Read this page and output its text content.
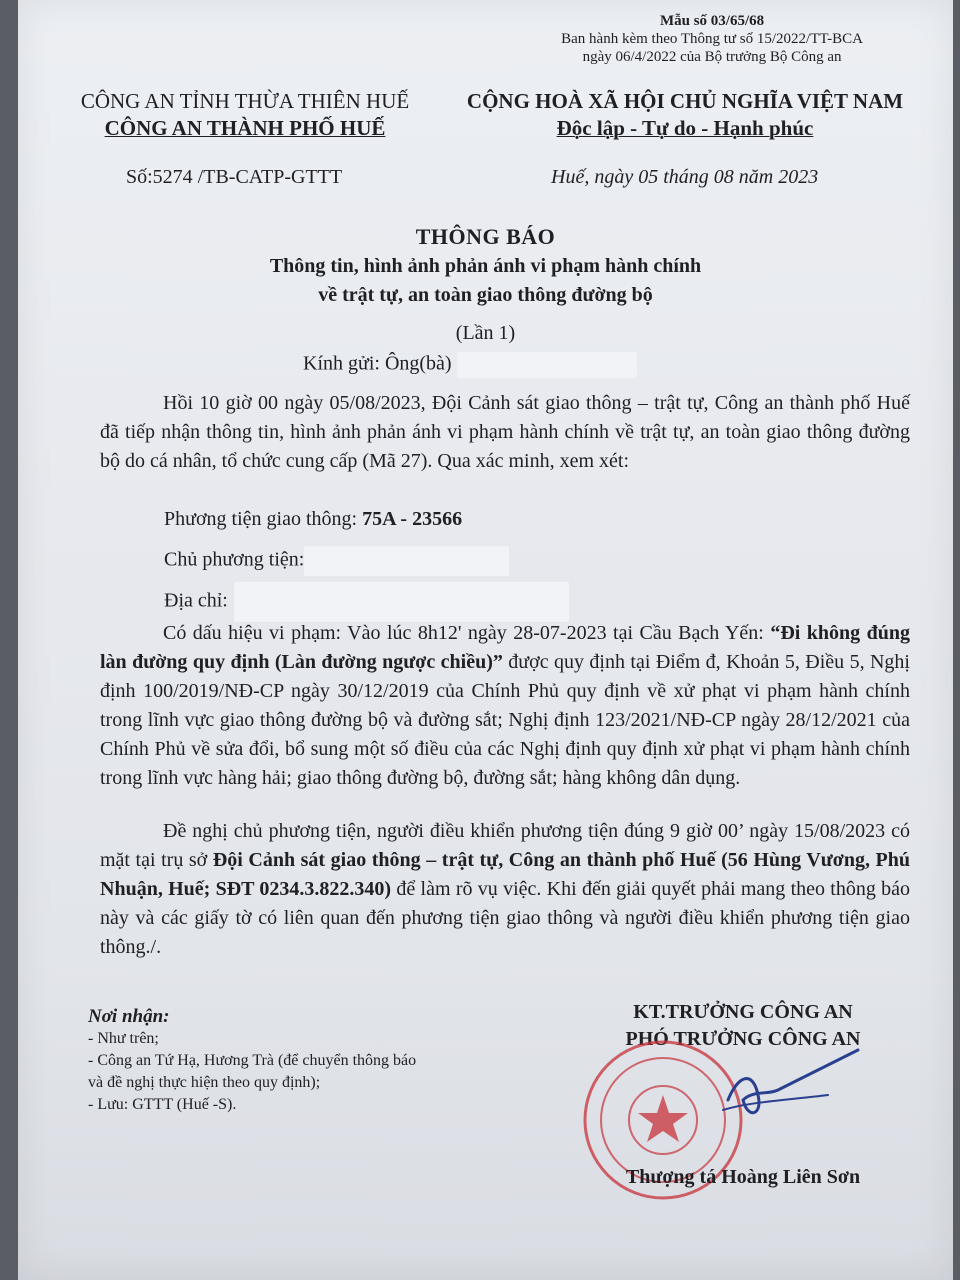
Mẫu số 03/65/68
Ban hành kèm theo Thông tư số 15/2022/TT-BCA
ngày 06/4/2022 của Bộ trưởng Bộ Công an
CÔNG AN TỈNH THỪA THIÊN HUẾ
CÔNG AN THÀNH PHỐ HUẾ
CỘNG HOÀ XÃ HỘI CHỦ NGHĨA VIỆT NAM
Độc lập - Tự do - Hạnh phúc
Số:5274 /TB-CATP-GTTT	Huế, ngày 05 tháng 08 năm 2023
THÔNG BÁO
Thông tin, hình ảnh phản ánh vi phạm hành chính
về trật tự, an toàn giao thông đường bộ
(Lần 1)
Kính gửi: Ông(bà)
Hồi 10 giờ 00 ngày 05/08/2023, Đội Cảnh sát giao thông – trật tự, Công an thành phố Huế đã tiếp nhận thông tin, hình ảnh phản ánh vi phạm hành chính về trật tự, an toàn giao thông đường bộ do cá nhân, tổ chức cung cấp (Mã 27). Qua xác minh, xem xét:
Phương tiện giao thông: 75A - 23566
Chủ phương tiện:
Địa chỉ:
Có dấu hiệu vi phạm: Vào lúc 8h12' ngày 28-07-2023 tại Cầu Bạch Yến: “Đi không đúng làn đường quy định (Làn đường ngược chiều)” được quy định tại Điểm đ, Khoản 5, Điều 5, Nghị định 100/2019/NĐ-CP ngày 30/12/2019 của Chính Phủ quy định về xử phạt vi phạm hành chính trong lĩnh vực giao thông đường bộ và đường sắt; Nghị định 123/2021/NĐ-CP ngày 28/12/2021 của Chính Phủ về sửa đổi, bổ sung một số điều của các Nghị định quy định xử phạt vi phạm hành chính trong lĩnh vực hàng hải; giao thông đường bộ, đường sắt; hàng không dân dụng.
Đề nghị chủ phương tiện, người điều khiển phương tiện đúng 9 giờ 00’ ngày 15/08/2023 có mặt tại trụ sở Đội Cảnh sát giao thông – trật tự, Công an thành phố Huế (56 Hùng Vương, Phú Nhuận, Huế; SĐT 0234.3.822.340) để làm rõ vụ việc. Khi đến giải quyết phải mang theo thông báo này và các giấy tờ có liên quan đến phương tiện giao thông và người điều khiển phương tiện giao thông./.
Nơi nhận:
- Như trên;
- Công an Tứ Hạ, Hương Trà (để chuyển thông báo
và đề nghị thực hiện theo quy định);
- Lưu: GTTT (Huế -S).
KT.TRƯỞNG CÔNG AN
PHÓ TRƯỞNG CÔNG AN
Thượng tá Hoàng Liên Sơn
